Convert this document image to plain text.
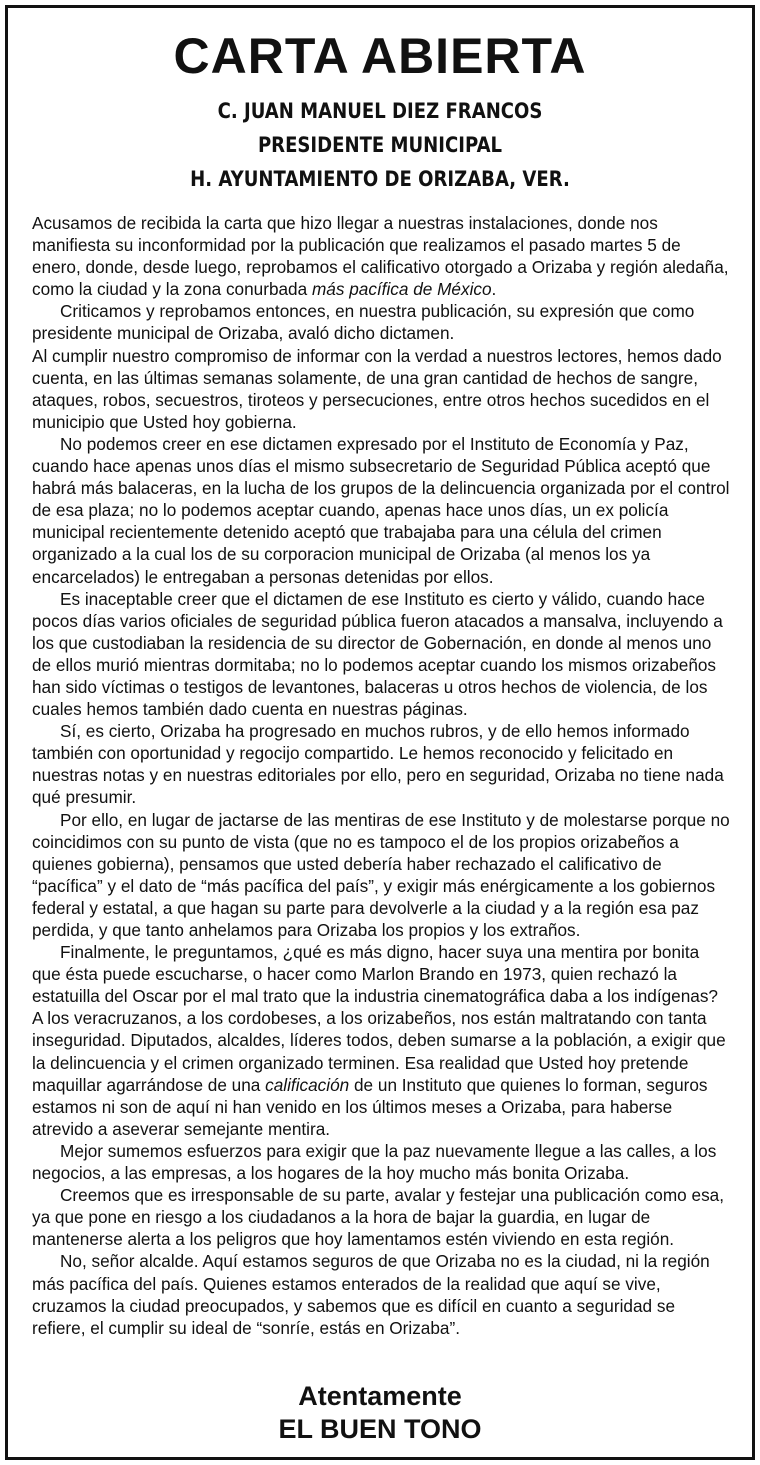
CARTA ABIERTA
C. JUAN MANUEL DIEZ FRANCOS
PRESIDENTE MUNICIPAL
H. AYUNTAMIENTO DE ORIZABA, VER.

Acusamos de recibida la carta que hizo llegar a nuestras instalaciones, donde nos manifiesta su inconformidad por la publicación que realizamos el pasado martes 5 de enero, donde, desde luego, reprobamos el calificativo otorgado a Orizaba y región aledaña, como la ciudad y la zona conurbada más pacífica de México.

Criticamos y reprobamos entonces, en nuestra publicación, su expresión que como presidente municipal de Orizaba, avaló dicho dictamen.

Al cumplir nuestro compromiso de informar con la verdad a nuestros lectores, hemos dado cuenta, en las últimas semanas solamente, de una gran cantidad de hechos de sangre, ataques, robos, secuestros, tiroteos y persecuciones, entre otros hechos sucedidos en el municipio que Usted hoy gobierna.

No podemos creer en ese dictamen expresado por el Instituto de Economía y Paz, cuando hace apenas unos días el mismo subsecretario de Seguridad Pública aceptó que habrá más balaceras, en la lucha de los grupos de la delincuencia organizada por el control de esa plaza; no lo podemos aceptar cuando, apenas hace unos días, un ex policía municipal recientemente detenido aceptó que trabajaba para una célula del crimen organizado a la cual los de su corporacion municipal de Orizaba (al menos los ya encarcelados) le entregaban a personas detenidas por ellos.

Es inaceptable creer que el dictamen de ese Instituto es cierto y válido, cuando hace pocos días varios oficiales de seguridad pública fueron atacados a mansalva, incluyendo a los que custodiaban la residencia de su director de Gobernación, en donde al menos uno de ellos murió mientras dormitaba; no lo podemos aceptar cuando los mismos orizabeños han sido víctimas o testigos de levantones, balaceras u otros hechos de violencia, de los cuales hemos también dado cuenta en nuestras páginas.

Sí, es cierto, Orizaba ha progresado en muchos rubros, y de ello hemos informado también con oportunidad y regocijo compartido. Le hemos reconocido y felicitado en nuestras notas y en nuestras editoriales por ello, pero en seguridad, Orizaba no tiene nada qué presumir.

Por ello, en lugar de jactarse de las mentiras de ese Instituto y de molestarse porque no coincidimos con su punto de vista (que no es tampoco el de los propios orizabeños a quienes gobierna), pensamos que usted debería haber rechazado el calificativo de “pacífica” y el dato de “más pacífica del país”, y exigir más enérgicamente a los gobiernos federal y estatal, a que hagan su parte para devolverle a la ciudad y a la región esa paz perdida, y que tanto anhelamos para Orizaba los propios y los extraños.

Finalmente, le preguntamos, ¿qué es más digno, hacer suya una mentira por bonita que ésta puede escucharse, o hacer como Marlon Brando en 1973, quien rechazó la estatuilla del Oscar por el mal trato que la industria cinematográfica daba a los indígenas?

A los veracruzanos, a los cordobeses, a los orizabeños, nos están maltratando con tanta inseguridad. Diputados, alcaldes, líderes todos, deben sumarse a la población, a exigir que la delincuencia y el crimen organizado terminen. Esa realidad que Usted hoy pretende maquillar agarrándose de una calificación de un Instituto que quienes lo forman, seguros estamos ni son de aquí ni han venido en los últimos meses a Orizaba, para haberse atrevido a aseverar semejante mentira.

Mejor sumemos esfuerzos para exigir que la paz nuevamente llegue a las calles, a los negocios, a las empresas, a los hogares de la hoy mucho más bonita Orizaba.

Creemos que es irresponsable de su parte, avalar y festejar una publicación como esa, ya que pone en riesgo a los ciudadanos a la hora de bajar la guardia, en lugar de mantenerse alerta a los peligros que hoy lamentamos estén viviendo en esta región.

No, señor alcalde. Aquí estamos seguros de que Orizaba no es la ciudad, ni la región más pacífica del país. Quienes estamos enterados de la realidad que aquí se vive, cruzamos la ciudad preocupados, y sabemos que es difícil en cuanto a seguridad se refiere, el cumplir su ideal de “sonríe, estás en Orizaba”.

Atentamente
EL BUEN TONO
